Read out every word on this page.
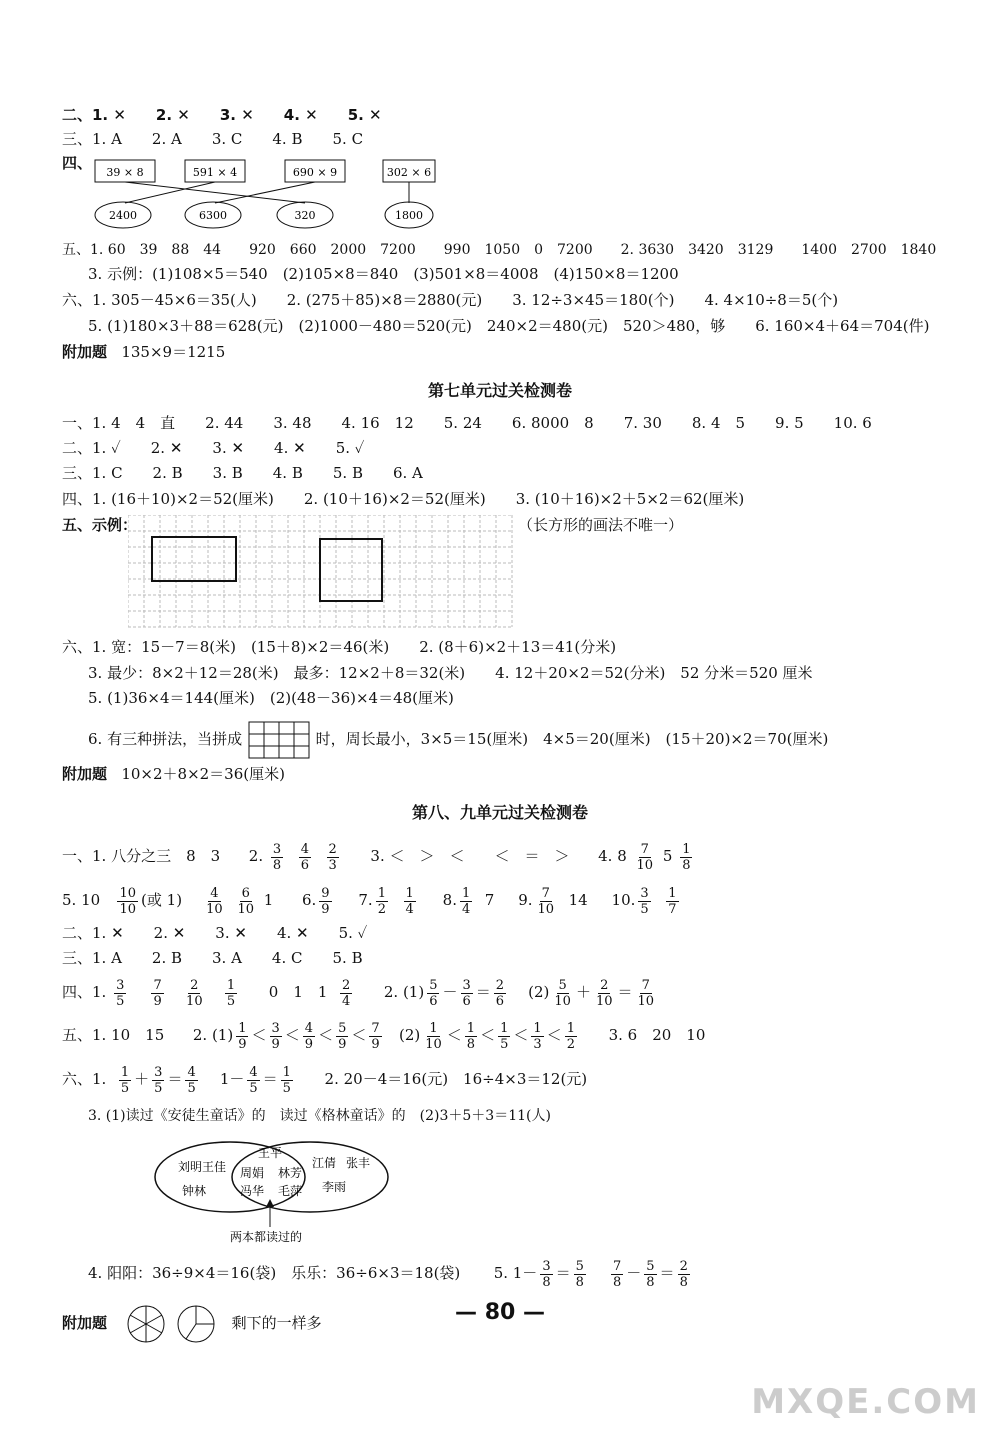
二、1. ✕　　2. ✕　　3. ✕　　4. ✕　　5. ✕
三、1. A　　2. A　　3. C　　4. B　　5. C
四、
39 × 8	591 × 4	690 × 9	302 × 6
2400	6300	320	1800
五、1. 60　39　88　44　　920　660　2000　7200　　990　1050　0　7200　　2. 3630　3420　3129　　1400　2700　1840
3. 示例：(1)108×5＝540　(2)105×8＝840　(3)501×8＝4008　(4)150×8＝1200
六、1. 305－45×6＝35(人)　　2. (275＋85)×8＝2880(元)　　3. 12÷3×45＝180(个)　　4. 4×10÷8＝5(个)
5. (1)180×3＋88＝628(元)　(2)1000－480＝520(元)　240×2＝480(元)　520＞480，够　　6. 160×4＋64＝704(件)
附加题 135×9＝1215
第七单元过关检测卷
一、1. 4　4　直　　2. 44　　3. 48　　4. 16　12　　5. 24　　6. 8000　8　　7. 30　　8. 4　5　　9. 5　　10. 6
二、1. ✓　　2. ✕　　3. ✕　　4. ✕　　5. ✓
三、1. C　　2. B　　3. B　　4. B　　5. B　　6. A
四、1. (16＋10)×2＝52(厘米)　　2. (10＋16)×2＝52(厘米)　　3. (10＋16)×2＋5×2＝62(厘米)
五、示例：	（长方形的画法不唯一）
六、1. 宽：15－7＝8(米)　(15＋8)×2＝46(米)　　2. (8＋6)×2＋13＝41(分米)
3. 最少：8×2＋12＝28(米)　最多：12×2＋8＝32(米)　　4. 12＋20×2＝52(分米)　52 分米＝520 厘米
5. (1)36×4＝144(厘米)　(2)(48－36)×4＝48(厘米)
6. 有三种拼法，当拼成	时，周长最小，3×5＝15(厘米)　4×5＝20(厘米)　(15＋20)×2＝70(厘米)
附加题 10×2＋8×2＝36(厘米)
第八、九单元过关检测卷
一、1. 八分之三　8　3 2. $\frac{3}{8}$
$\frac{4}{6}$
$\frac{2}{3} 3$. ＜　＞　＜　　＜　＝　＞ 4. $8 \frac{7}{10} 5 \frac{1}{8}$
5. $10 \frac{10}{10}$ (或 $1) \frac{4}{10}$
$\frac{6}{10} 1$ 6. $\frac{9}{9} 7$. $\frac{1}{2}$
$\frac{1}{4} 8$. $\frac{1}{4} 7$ 9. $\frac{7}{10} 14$ 10. $\frac{3}{5}$
$\frac{1}{7}$
二、1. ✕　　2. ✕　　3. ✕　　4. ✕　　5. ✓
三、1. A　　2. B　　3. A　　4. C　　5. B
四、1. $\frac{3}{5}$
$\frac{7}{9}$
$\frac{2}{10}$
$\frac{1}{5} 0$　1　$1 \frac{2}{4} 2$. $(1) \frac{5}{6} - \frac{3}{6} = \frac{2}{6} (2) \frac{5}{10} + \frac{2}{10} = \frac{7}{10}$
五、1. 10　15 2. $(1) \frac{1}{9} < \frac{3}{9} < \frac{4}{9} < \frac{5}{9} < \frac{7}{9} (2) \frac{1}{10} < \frac{1}{8} < \frac{1}{5} < \frac{1}{3} < \frac{1}{2} 3$. 6　20　10
六、1. $\frac{1}{5} + \frac{3}{5} = \frac{4}{5} 1- \frac{4}{5} = \frac{1}{5} 2$. 20－4＝16(元)　16÷4×3＝12(元)
3. (1)读过《安徒生童话》的　读过《格林童话》的　(2)3＋5＋3＝11(人)
刘明 王佳
钟林
王平
周娟 林芳
冯华 毛萍
江倩 张丰
李雨
两本都读过的
4. 阳阳：36÷9×4＝16(袋)　乐乐：36÷6×3＝18(袋) 5. $1- \frac{3}{8} = \frac{5}{8}$
$\frac{7}{8} - \frac{5}{8} = \frac{2}{8}$
附加题	剩下的一样多	— 80 —
MXQE.COM
